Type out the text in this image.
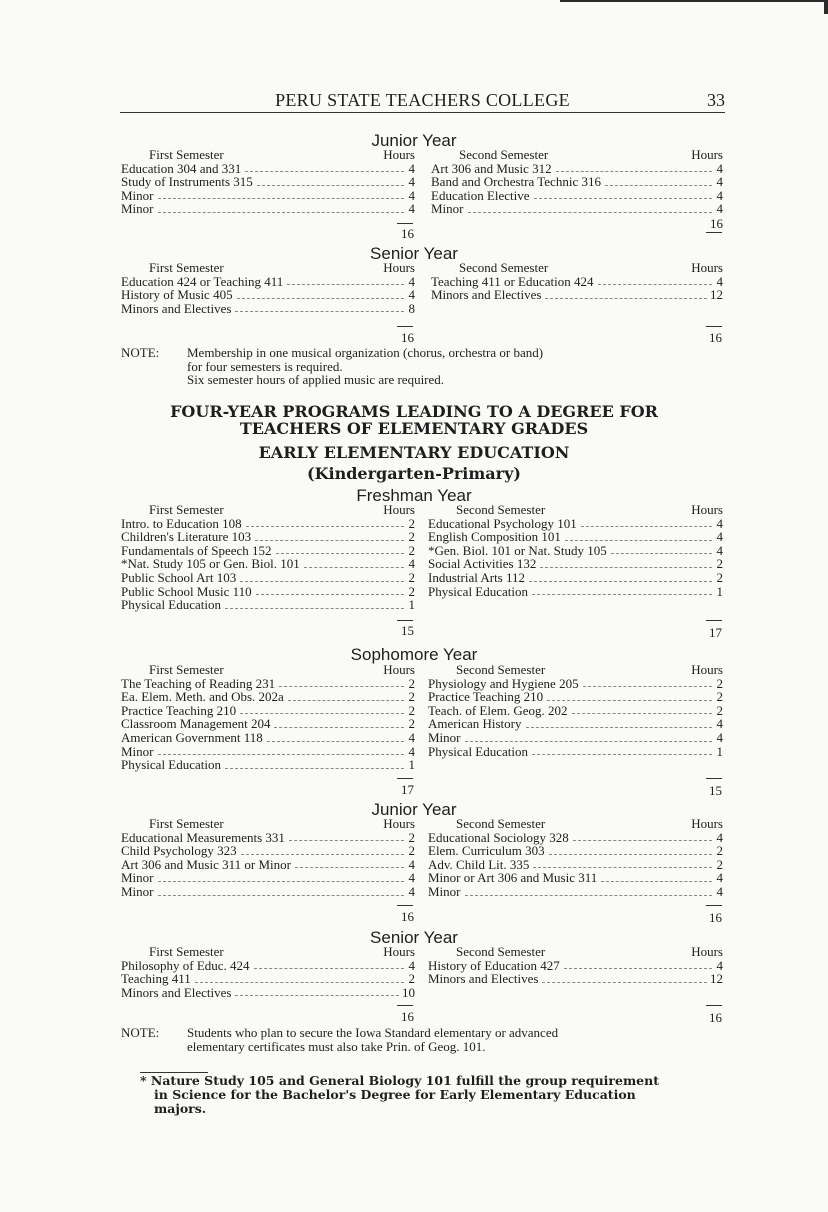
PERU STATE TEACHERS COLLEGE	33
Junior Year
First Semester	Hours
Education 304 and 331	4
Study of Instruments 315	4
Minor	4
Minor	4
16
Second Semester	Hours
Art 306 and Music 312	4
Band and Orchestra Technic 316	4
Education Elective	4
Minor	4
16
Senior Year
First Semester	Hours
Education 424 or Teaching 411	4
History of Music 405	4
Minors and Electives	8
16
Second Semester	Hours
Teaching 411 or Education 424	4
Minors and Electives	12
16
NOTE:	Membership in one musical organization (chorus, orchestra or band)
for four semesters is required.
Six semester hours of applied music are required.
FOUR-YEAR PROGRAMS LEADING TO A DEGREE FOR
TEACHERS OF ELEMENTARY GRADES
EARLY ELEMENTARY EDUCATION
(Kindergarten-Primary)
Freshman Year
First Semester	Hours
Intro. to Education 108	2
Children's Literature 103	2
Fundamentals of Speech 152	2
*Nat. Study 105 or Gen. Biol. 101	4
Public School Art 103	2
Public School Music 110	2
Physical Education	1
15
Second Semester	Hours
Educational Psychology 101	4
English Composition 101	4
*Gen. Biol. 101 or Nat. Study 105	4
Social Activities 132	2
Industrial Arts 112	2
Physical Education	1
17
Sophomore Year
First Semester	Hours
The Teaching of Reading 231	2
Ea. Elem. Meth. and Obs. 202a	2
Practice Teaching 210	2
Classroom Management 204	2
American Government 118	4
Minor	4
Physical Education	1
17
Second Semester	Hours
Physiology and Hygiene 205	2
Practice Teaching 210	2
Teach. of Elem. Geog. 202	2
American History	4
Minor	4
Physical Education	1
15
Junior Year
First Semester	Hours
Educational Measurements 331	2
Child Psychology 323	2
Art 306 and Music 311 or Minor	4
Minor	4
Minor	4
16
Second Semester	Hours
Educational Sociology 328	4
Elem. Curriculum 303	2
Adv. Child Lit. 335	2
Minor or Art 306 and Music 311	4
Minor	4
16
Senior Year
First Semester	Hours
Philosophy of Educ. 424	4
Teaching 411	2
Minors and Electives	10
16
Second Semester	Hours
History of Education 427	4
Minors and Electives	12
16
NOTE:	Students who plan to secure the Iowa Standard elementary or advanced
elementary certificates must also take Prin. of Geog. 101.
* Nature Study 105 and General Biology 101 fulfill the group requirement
in Science for the Bachelor's Degree for Early Elementary Education
majors.
